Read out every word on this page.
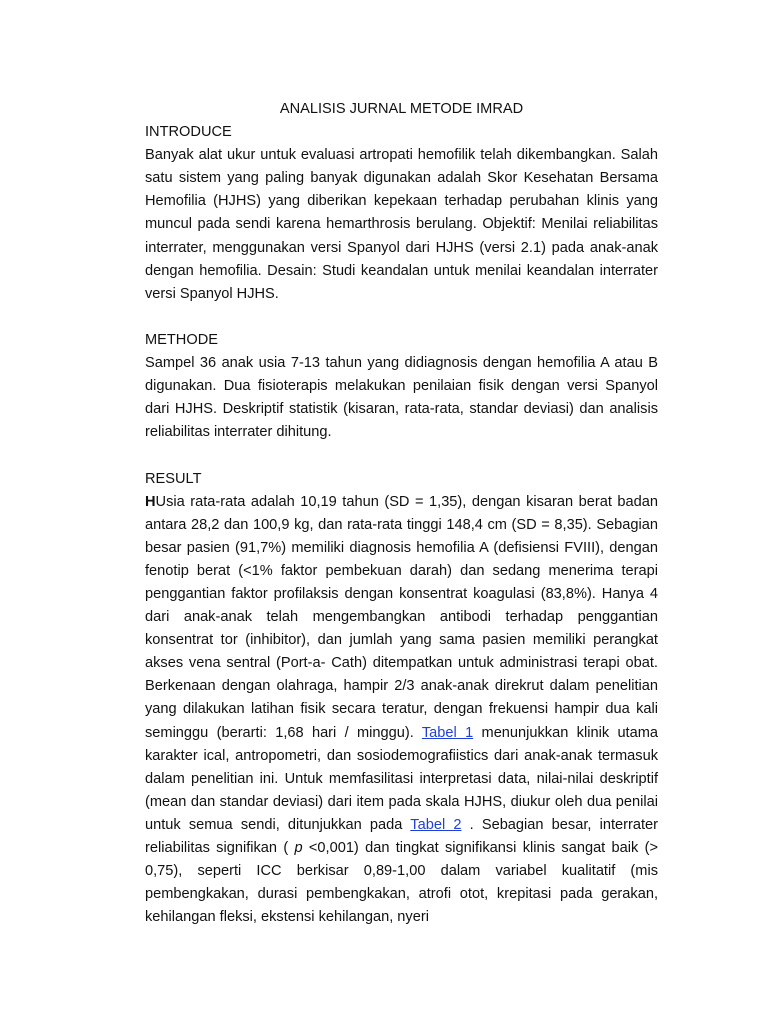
ANALISIS JURNAL METODE IMRAD

INTRODUCE

Banyak alat ukur untuk evaluasi artropati hemofilik telah dikembangkan. Salah satu sistem yang paling banyak digunakan adalah Skor Kesehatan Bersama Hemofilia (HJHS) yang diberikan kepekaan terhadap perubahan klinis yang muncul pada sendi karena hemarthrosis berulang. Objektif: Menilai reliabilitas interrater, menggunakan versi Spanyol dari HJHS (versi 2.1) pada anak-anak dengan hemofilia. Desain: Studi keandalan untuk menilai keandalan interrater versi Spanyol HJHS.

METHODE

Sampel 36 anak usia 7-13 tahun yang didiagnosis dengan hemofilia A atau B digunakan. Dua fisioterapis melakukan penilaian fisik dengan versi Spanyol dari HJHS. Deskriptif statistik (kisaran, rata-rata, standar deviasi) dan analisis reliabilitas interrater dihitung.

RESULT

HUsia rata-rata adalah 10,19 tahun (SD = 1,35), dengan kisaran berat badan antara 28,2 dan 100,9 kg, dan rata-rata tinggi 148,4 cm (SD = 8,35). Sebagian besar pasien (91,7%) memiliki diagnosis hemofilia A (defisiensi FVIII), dengan fenotip berat (<1% faktor pembekuan darah) dan sedang menerima terapi penggantian faktor profilaksis dengan konsentrat koagulasi (83,8%). Hanya 4 dari anak-anak telah mengembangkan antibodi terhadap penggantian konsentrat tor (inhibitor), dan jumlah yang sama pasien memiliki perangkat akses vena sentral (Port-a- Cath) ditempatkan untuk administrasi terapi obat. Berkenaan dengan olahraga, hampir 2/3 anak-anak direkrut dalam penelitian yang dilakukan latihan fisik secara teratur, dengan frekuensi hampir dua kali seminggu (berarti: 1,68 hari / minggu). Tabel 1 menunjukkan klinik utama karakter ical, antropometri, dan sosiodemografiistics dari anak-anak termasuk dalam penelitian ini. Untuk memfasilitasi interpretasi data, nilai-nilai deskriptif (mean dan standar deviasi) dari item pada skala HJHS, diukur oleh dua penilai untuk semua sendi, ditunjukkan pada Tabel 2 . Sebagian besar, interrater reliabilitas signifikan ( p <0,001) dan tingkat signifikansi klinis sangat baik (> 0,75), seperti ICC berkisar 0,89-1,00 dalam variabel kualitatif (mis pembengkakan, durasi pembengkakan, atrofi otot, krepitasi pada gerakan, kehilangan fleksi, ekstensi kehilangan, nyeri
